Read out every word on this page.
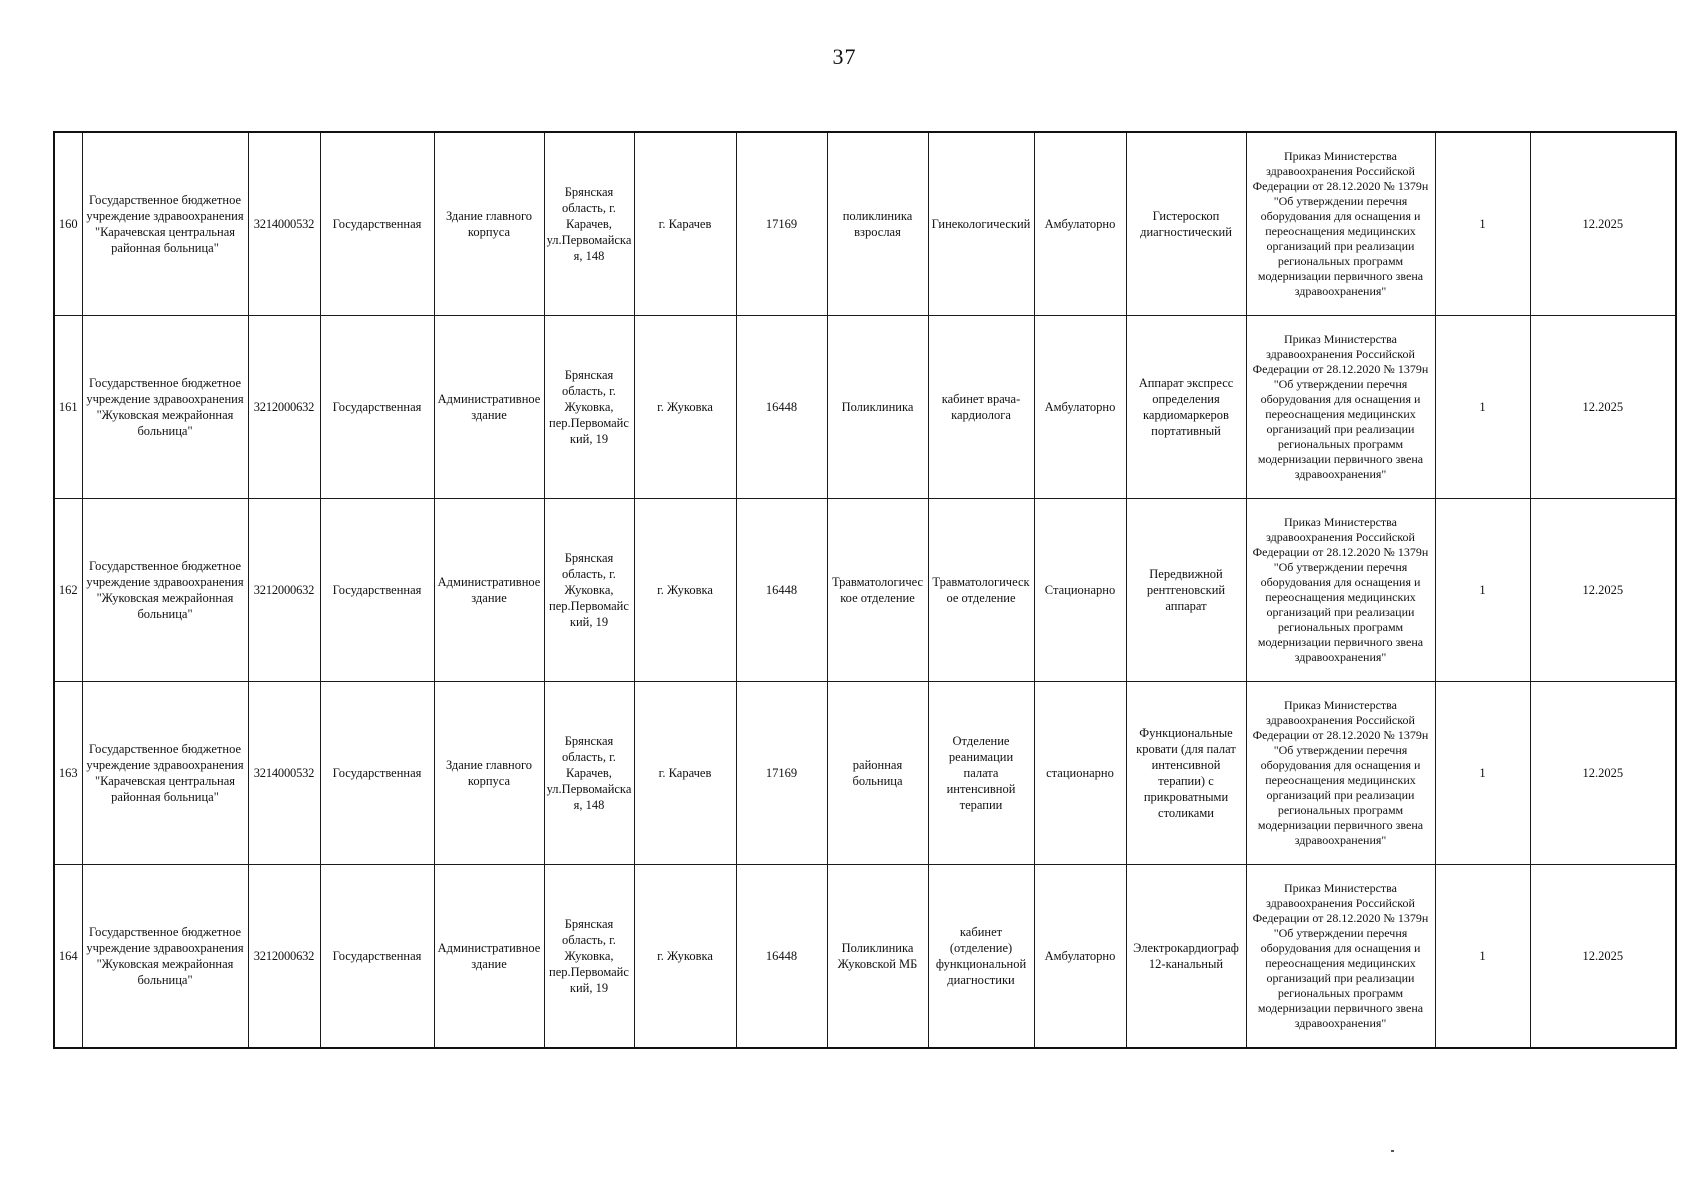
37
160	Государственное бюджетное учреждение здравоохранения "Карачевская центральная районная больница"	3214000532	Государственная	Здание главного корпуса	Брянская область, г. Карачев, ул.Первомайская, 148	г. Карачев	17169	поликлиника взрослая	Гинекологический	Амбулаторно	Гистероскоп диагностический	Приказ Министерства здравоохранения Российской Федерации от 28.12.2020 № 1379н "Об утверждении перечня оборудования для оснащения и переоснащения медицинских организаций при реализации региональных программ модернизации первичного звена здравоохранения"	1	12.2025
161	Государственное бюджетное учреждение здравоохранения "Жуковская межрайонная больница"	3212000632	Государственная	Административное здание	Брянская область, г. Жуковка, пер.Первомайский, 19	г. Жуковка	16448	Поликлиника	кабинет врача-кардиолога	Амбулаторно	Аппарат экспресс определения кардиомаркеров портативный	Приказ Министерства здравоохранения Российской Федерации от 28.12.2020 № 1379н "Об утверждении перечня оборудования для оснащения и переоснащения медицинских организаций при реализации региональных программ модернизации первичного звена здравоохранения"	1	12.2025
162	Государственное бюджетное учреждение здравоохранения "Жуковская межрайонная больница"	3212000632	Государственная	Административное здание	Брянская область, г. Жуковка, пер.Первомайский, 19	г. Жуковка	16448	Травматологическое отделение	Травматологическое отделение	Стационарно	Передвижной рентгеновский аппарат	Приказ Министерства здравоохранения Российской Федерации от 28.12.2020 № 1379н "Об утверждении перечня оборудования для оснащения и переоснащения медицинских организаций при реализации региональных программ модернизации первичного звена здравоохранения"	1	12.2025
163	Государственное бюджетное учреждение здравоохранения "Карачевская центральная районная больница"	3214000532	Государственная	Здание главного корпуса	Брянская область, г. Карачев, ул.Первомайская, 148	г. Карачев	17169	районная больница	Отделение реанимации палата интенсивной терапии	стационарно	Функциональные кровати (для палат интенсивной терапии) с прикроватными столиками	Приказ Министерства здравоохранения Российской Федерации от 28.12.2020 № 1379н "Об утверждении перечня оборудования для оснащения и переоснащения медицинских организаций при реализации региональных программ модернизации первичного звена здравоохранения"	1	12.2025
164	Государственное бюджетное учреждение здравоохранения "Жуковская межрайонная больница"	3212000632	Государственная	Административное здание	Брянская область, г. Жуковка, пер.Первомайский, 19	г. Жуковка	16448	Поликлиника Жуковской МБ	кабинет (отделение) функциональной диагностики	Амбулаторно	Электрокардиограф 12-канальный	Приказ Министерства здравоохранения Российской Федерации от 28.12.2020 № 1379н "Об утверждении перечня оборудования для оснащения и переоснащения медицинских организаций при реализации региональных программ модернизации первичного звена здравоохранения"	1	12.2025
